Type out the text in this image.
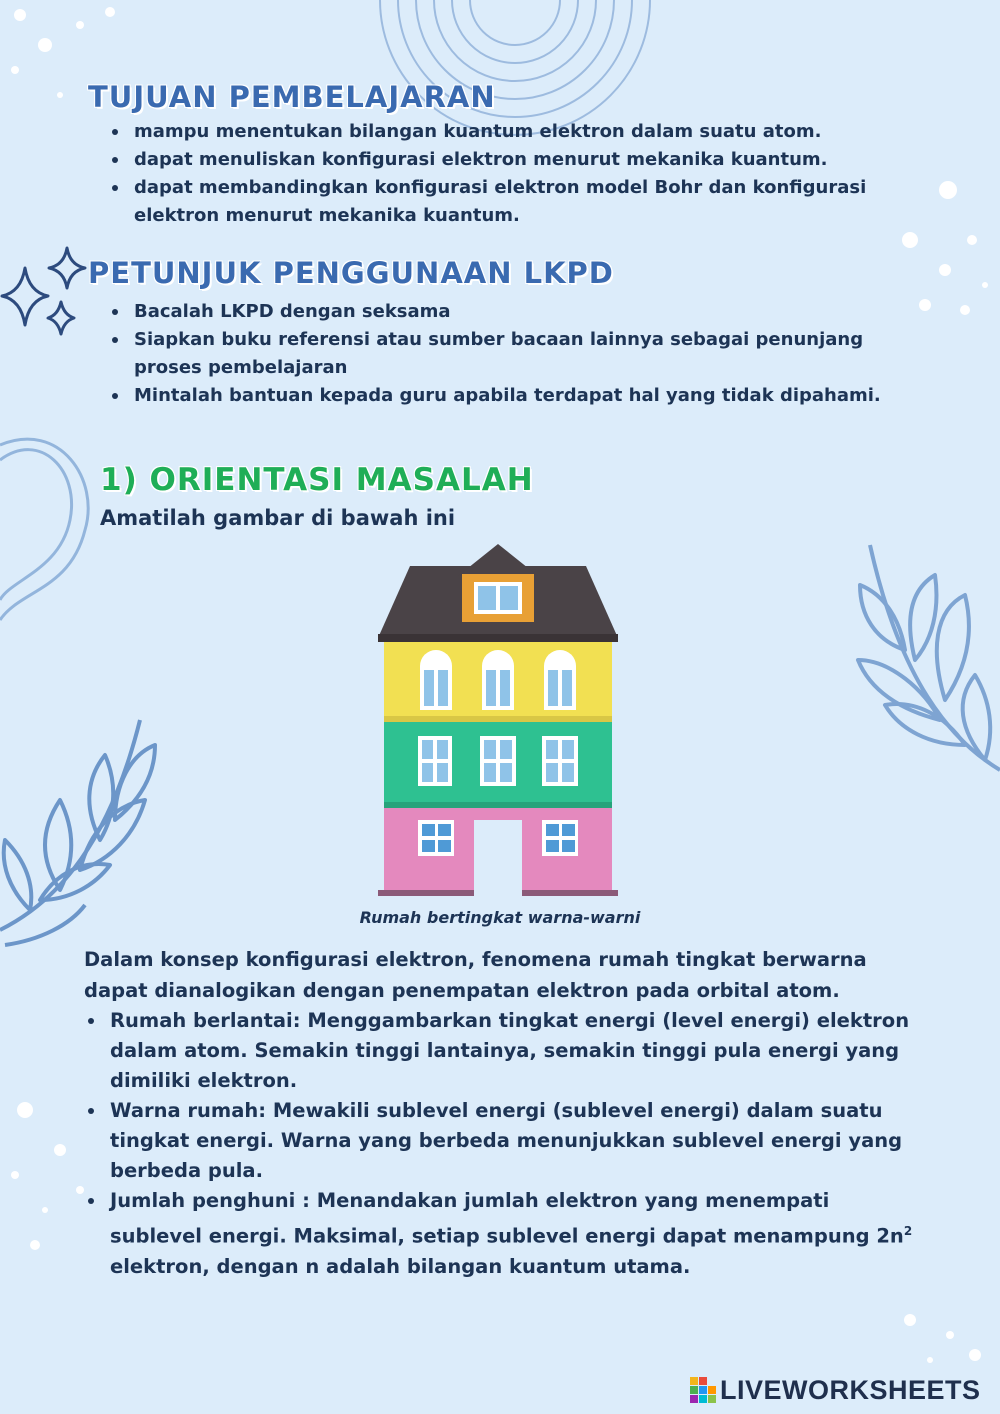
TUJUAN PEMBELAJARAN
mampu menentukan bilangan kuantum elektron dalam suatu atom.
dapat menuliskan konfigurasi elektron menurut mekanika kuantum.
dapat membandingkan konfigurasi elektron model Bohr dan konfigurasi elektron menurut mekanika kuantum.
PETUNJUK PENGGUNAAN LKPD
Bacalah LKPD dengan seksama
Siapkan buku referensi atau sumber bacaan lainnya sebagai penunjang proses pembelajaran
Mintalah bantuan kepada guru apabila terdapat hal yang tidak dipahami.
1) ORIENTASI MASALAH

Amatilah gambar di bawah ini

Rumah bertingkat warna-warni

Dalam konsep konfigurasi elektron, fenomena rumah tingkat berwarna dapat dianalogikan dengan penempatan elektron pada orbital atom.

Rumah berlantai: Menggambarkan tingkat energi (level energi) elektron dalam atom. Semakin tinggi lantainya, semakin tinggi pula energi yang dimiliki elektron.
Warna rumah: Mewakili sublevel energi (sublevel energi) dalam suatu tingkat energi. Warna yang berbeda menunjukkan sublevel energi yang berbeda pula.
Jumlah penghuni : Menandakan jumlah elektron yang menempati sublevel energi. Maksimal, setiap sublevel energi dapat menampung $2n^2$ elektron, dengan n adalah bilangan kuantum utama.
LIVEWORKSHEETS
